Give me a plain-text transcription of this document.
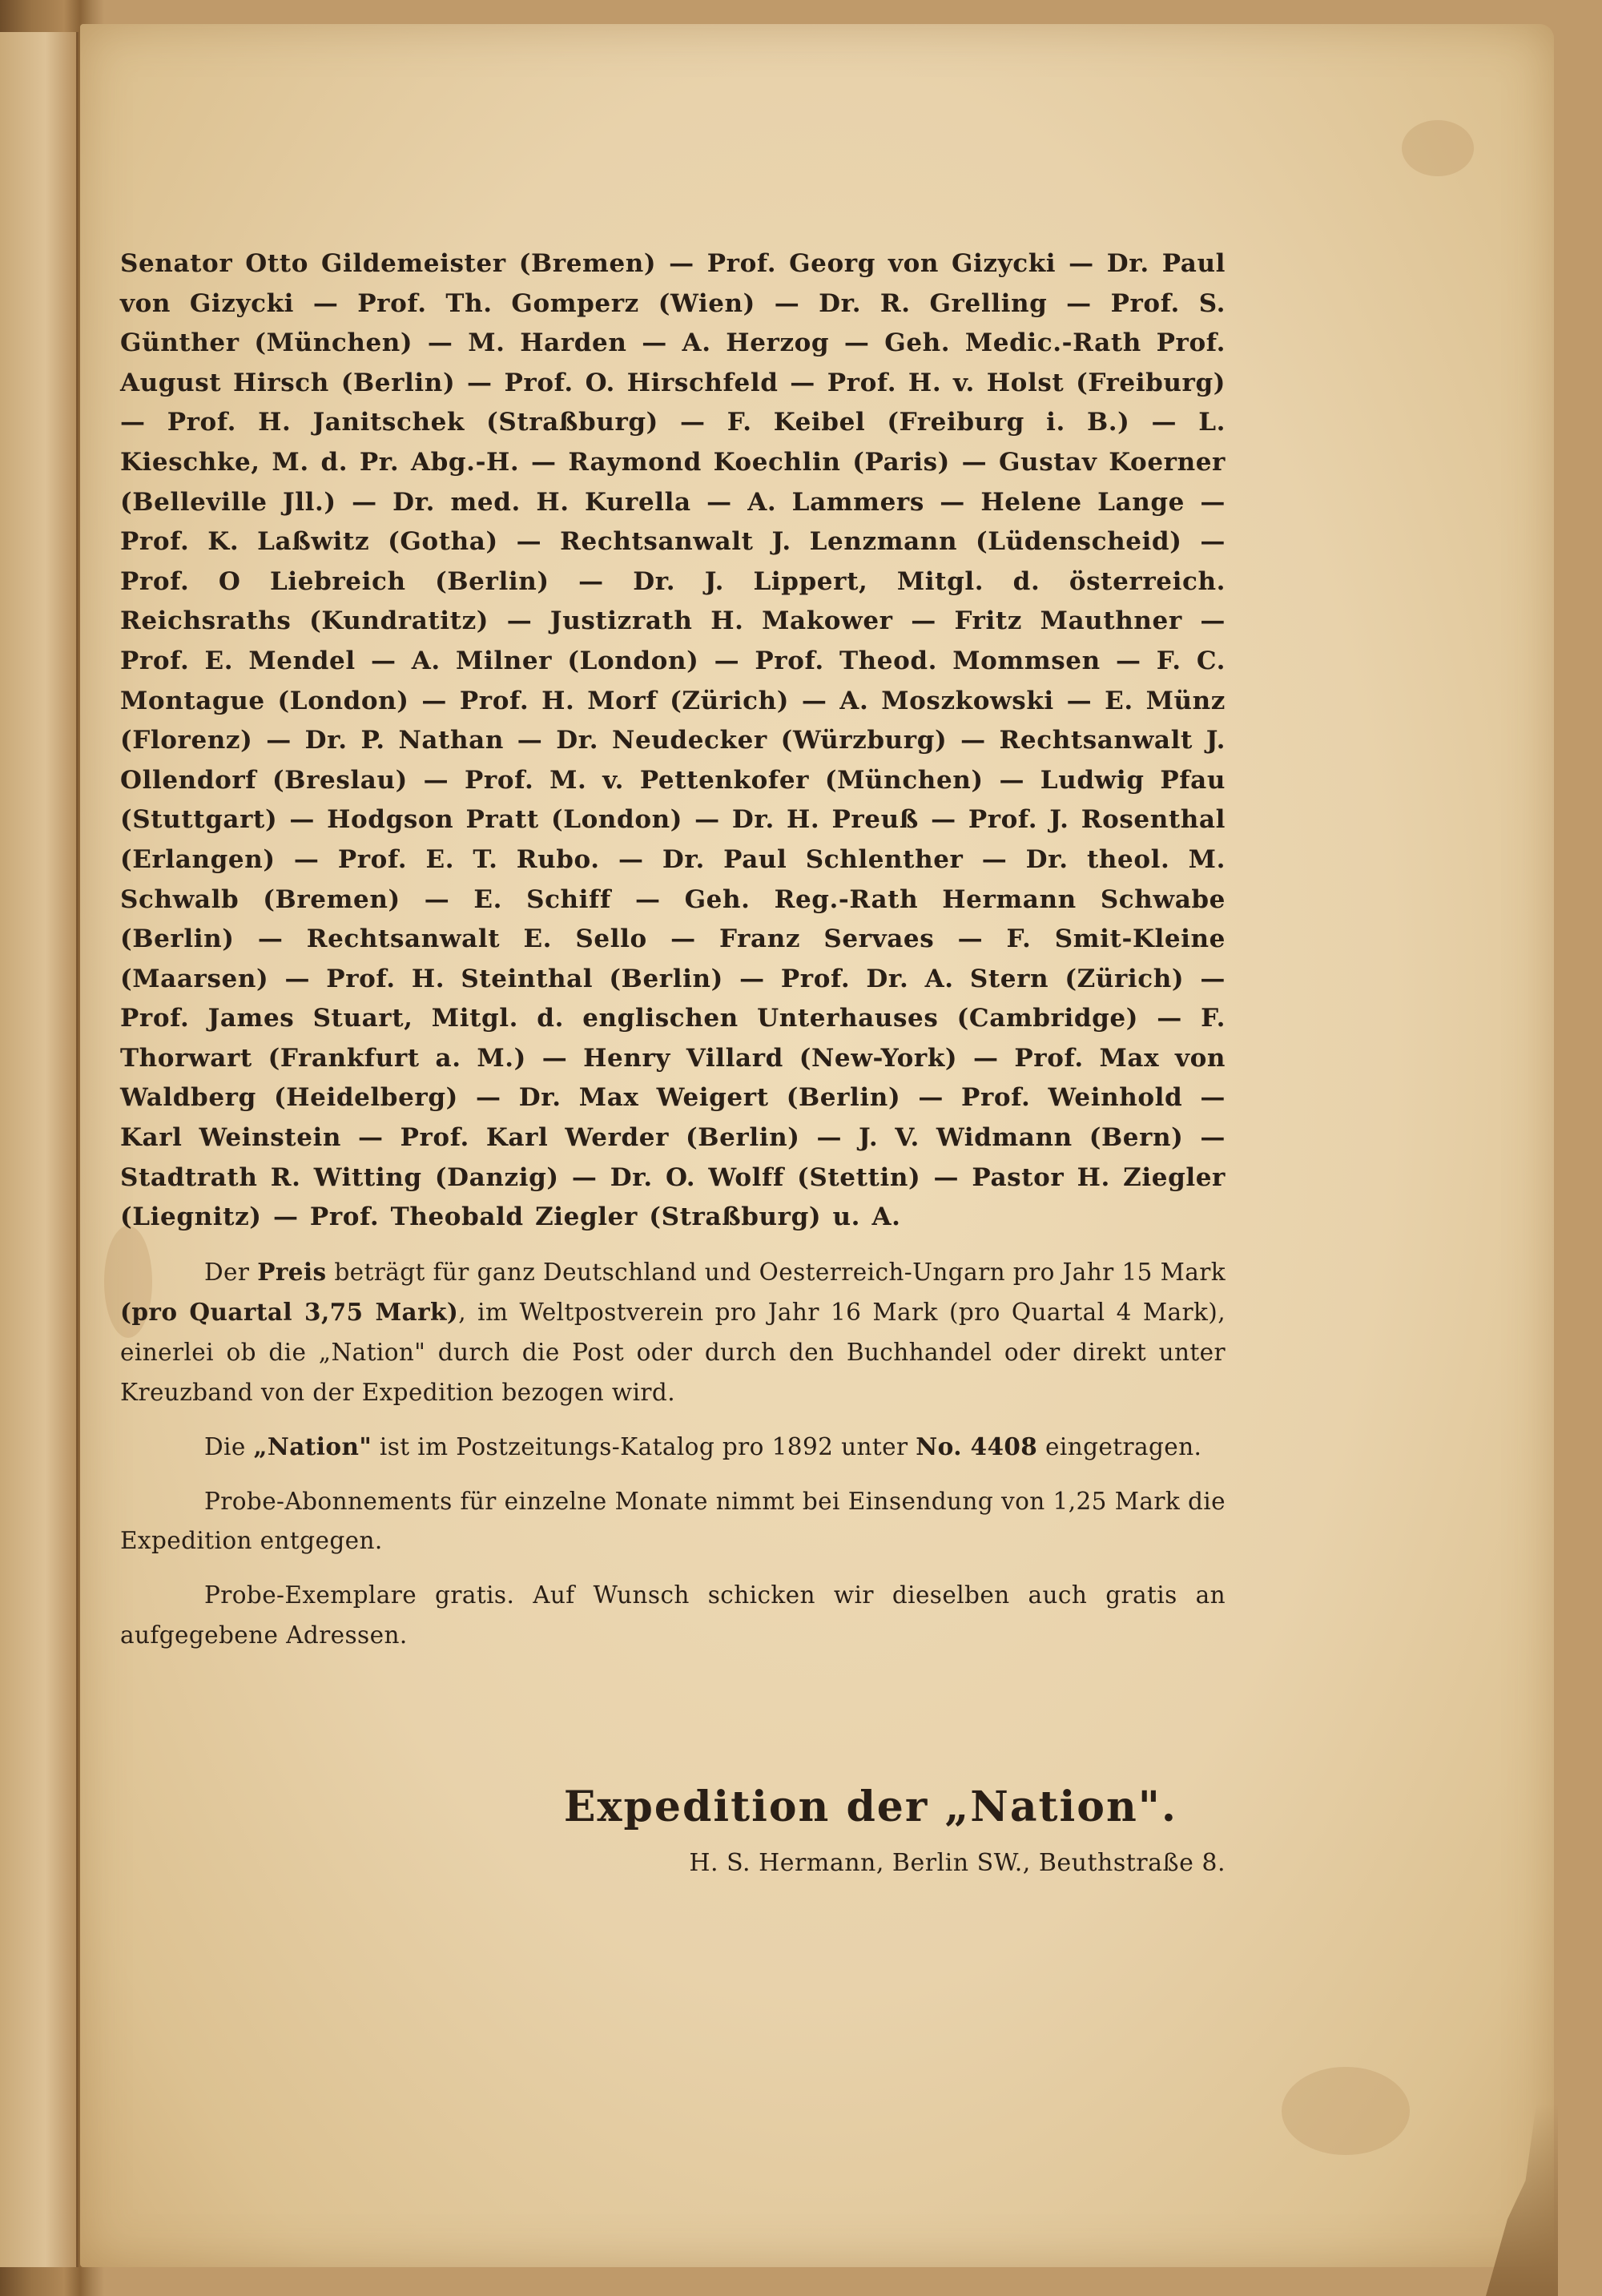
Senator Otto Gildemeister (Bremen) — Prof. Georg von Gizycki — Dr. Paul von Gizycki — Prof. Th. Gomperz (Wien) — Dr. R. Grelling — Prof. S. Günther (München) — M. Harden — A. Herzog — Geh. Medic.-Rath Prof. August Hirsch (Berlin) — Prof. O. Hirschfeld — Prof. H. v. Holst (Freiburg) — Prof. H. Janitschek (Straßburg) — F. Keibel (Freiburg i. B.) — L. Kieschke, M. d. Pr. Abg.-H. — Raymond Koechlin (Paris) — Gustav Koerner (Belleville Jll.) — Dr. med. H. Kurella — A. Lammers — Helene Lange — Prof. K. Laßwitz (Gotha) — Rechtsanwalt J. Lenzmann (Lüdenscheid) — Prof. O Liebreich (Berlin) — Dr. J. Lippert, Mitgl. d. österreich. Reichsraths (Kundratitz) — Justizrath H. Makower — Fritz Mauthner — Prof. E. Mendel — A. Milner (London) — Prof. Theod. Mommsen — F. C. Montague (London) — Prof. H. Morf (Zürich) — A. Moszkowski — E. Münz (Florenz) — Dr. P. Nathan — Dr. Neudecker (Würzburg) — Rechtsanwalt J. Ollendorf (Breslau) — Prof. M. v. Pettenkofer (München) — Ludwig Pfau (Stuttgart) — Hodgson Pratt (London) — Dr. H. Preuß — Prof. J. Rosenthal (Erlangen) — Prof. E. T. Rubo. — Dr. Paul Schlenther — Dr. theol. M. Schwalb (Bremen) — E. Schiff — Geh. Reg.-Rath Hermann Schwabe (Berlin) — Rechtsanwalt E. Sello — Franz Servaes — F. Smit-Kleine (Maarsen) — Prof. H. Steinthal (Berlin) — Prof. Dr. A. Stern (Zürich) — Prof. James Stuart, Mitgl. d. englischen Unterhauses (Cambridge) — F. Thorwart (Frankfurt a. M.) — Henry Villard (New-York) — Prof. Max von Waldberg (Heidelberg) — Dr. Max Weigert (Berlin) — Prof. Weinhold — Karl Weinstein — Prof. Karl Werder (Berlin) — J. V. Widmann (Bern) — Stadtrath R. Witting (Danzig) — Dr. O. Wolff (Stettin) — Pastor H. Ziegler (Liegnitz) — Prof. Theobald Ziegler (Straßburg) u. A.

Der Preis beträgt für ganz Deutschland und Oesterreich-Ungarn pro Jahr 15 Mark (pro Quartal 3,75 Mark), im Weltpostverein pro Jahr 16 Mark (pro Quartal 4 Mark), einerlei ob die „Nation" durch die Post oder durch den Buchhandel oder direkt unter Kreuzband von der Expedition bezogen wird.

Die „Nation" ist im Postzeitungs-Katalog pro 1892 unter No. 4408 eingetragen.

Probe-Abonnements für einzelne Monate nimmt bei Einsendung von 1,25 Mark die Expedition entgegen.

Probe-Exemplare gratis. Auf Wunsch schicken wir dieselben auch gratis an aufgegebene Adressen.

Expedition der „Nation".
H. S. Hermann, Berlin SW., Beuthstraße 8.
